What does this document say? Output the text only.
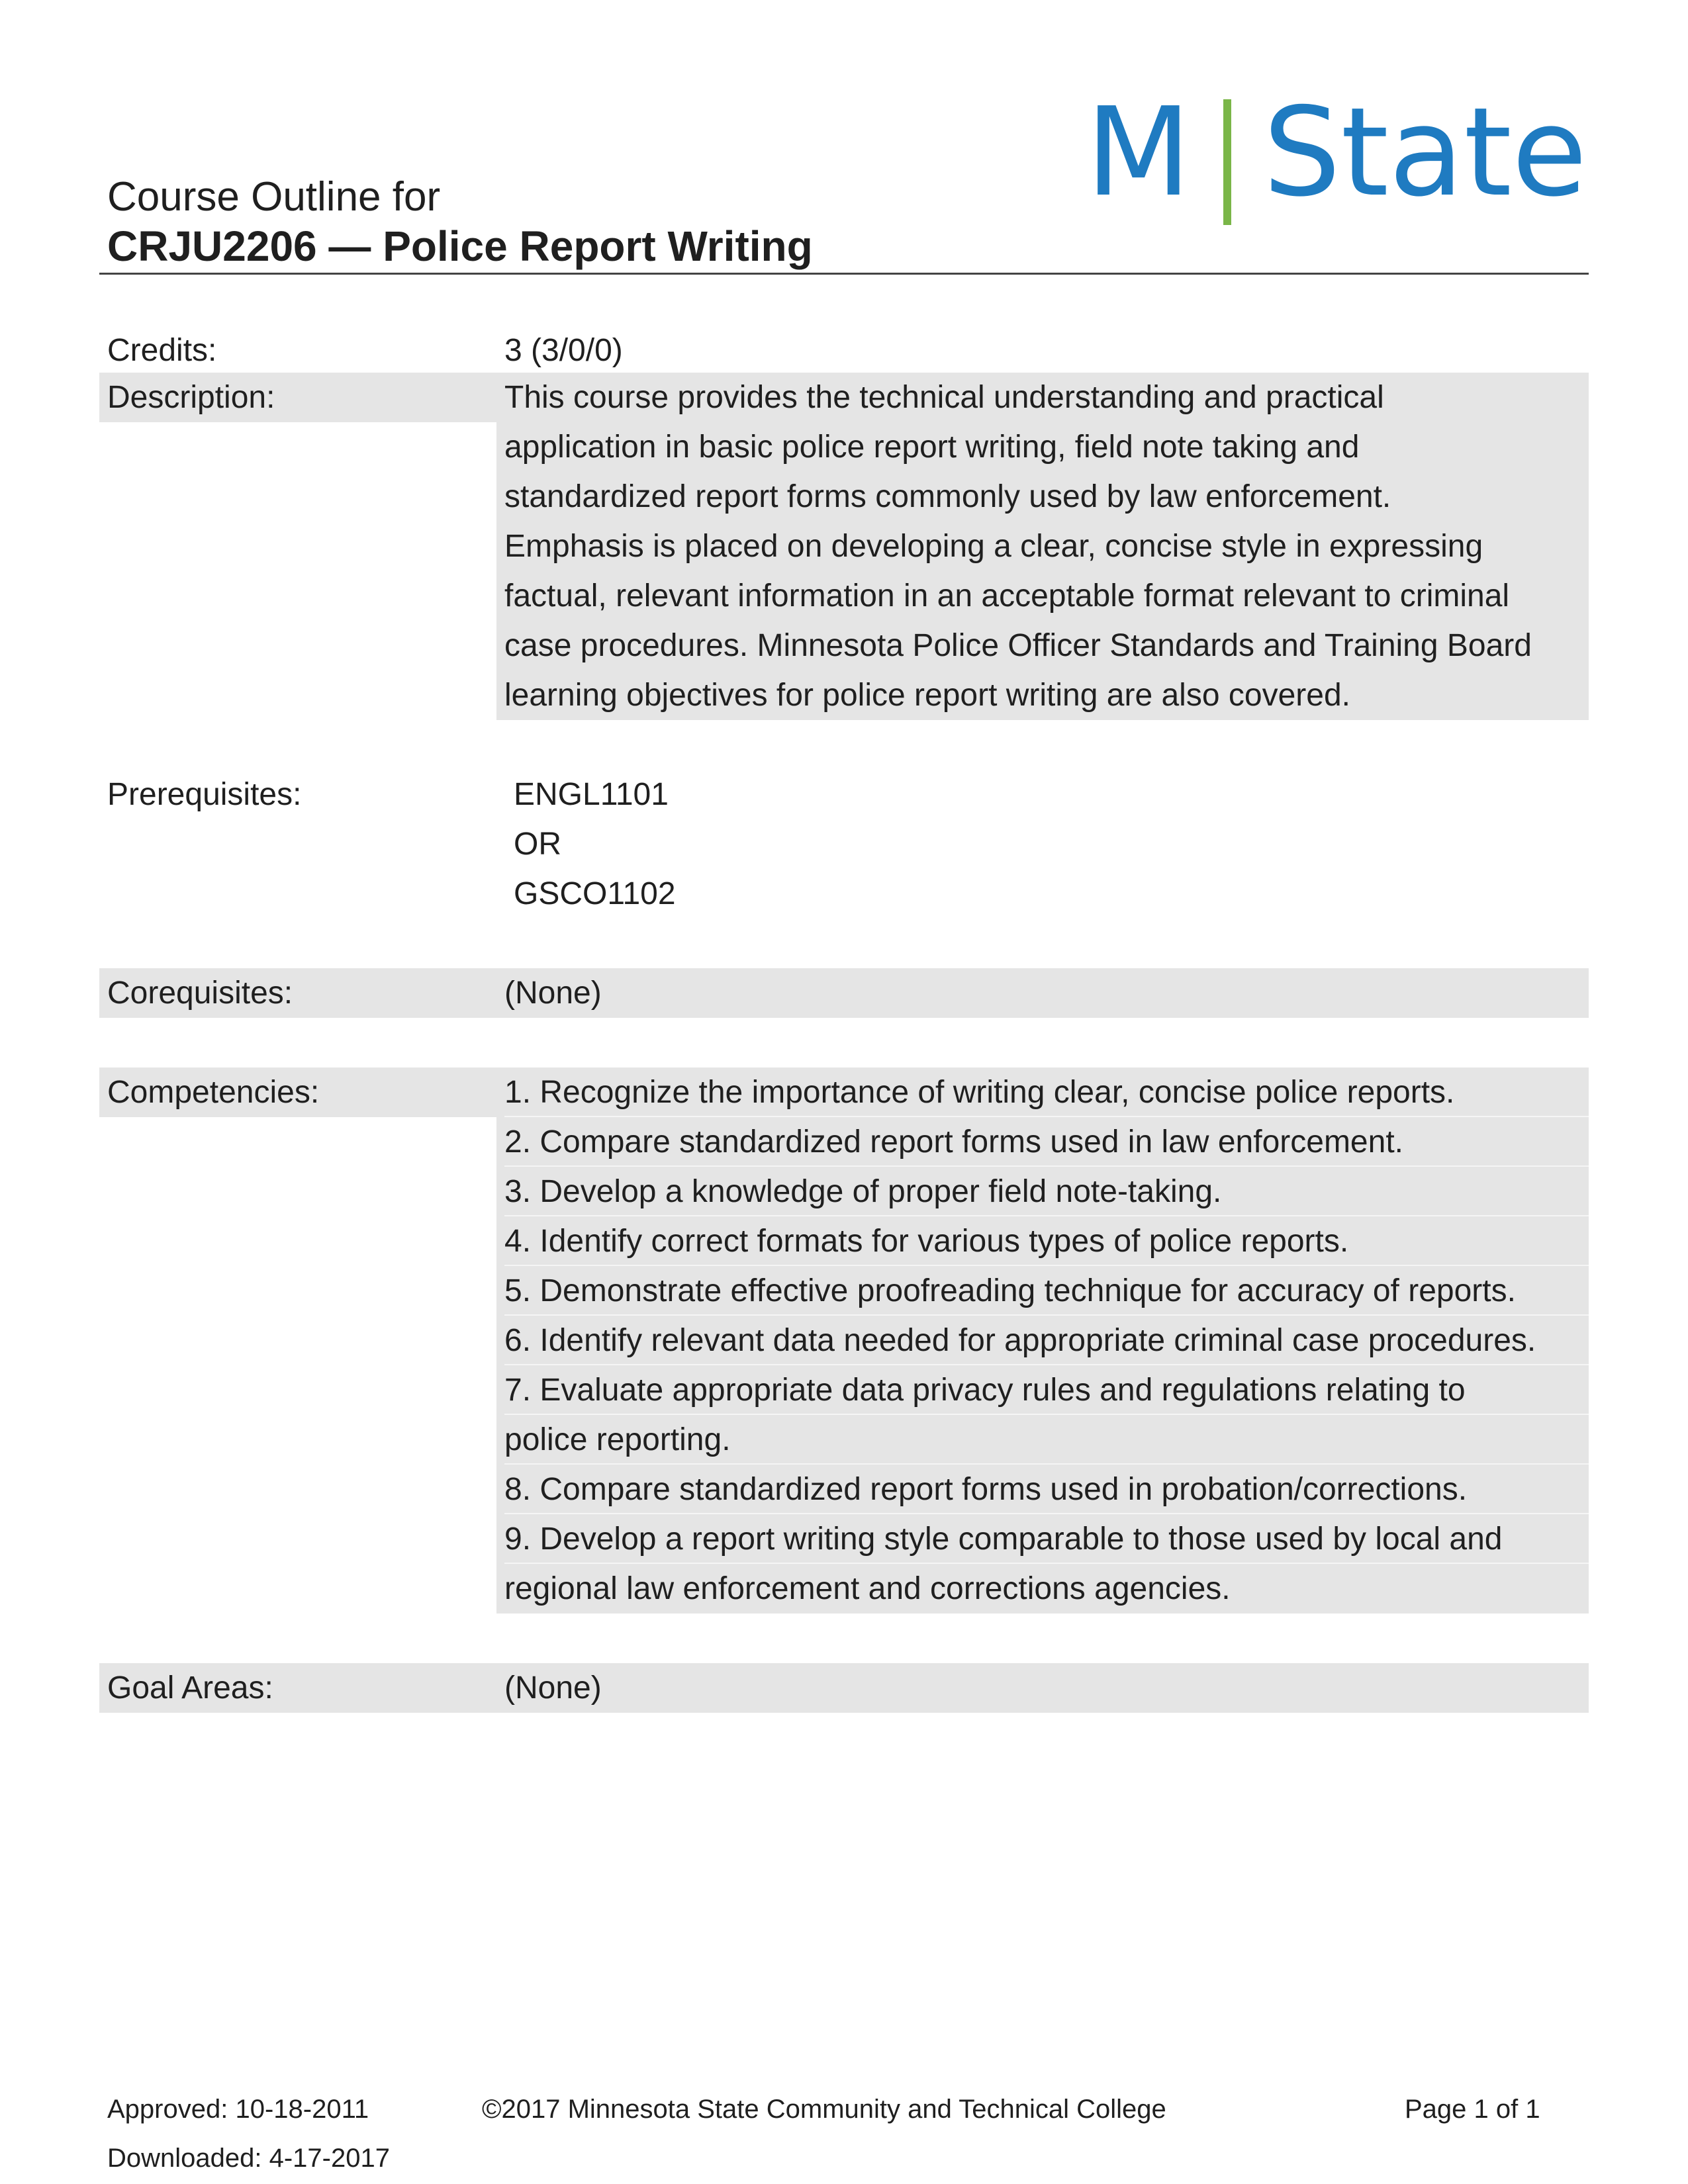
M State
Course Outline for
CRJU2206 — Police Report Writing
Credits:	3 (3/0/0)
Description:	This course provides the technical understanding and practical
application in basic police report writing, field note taking and
standardized report forms commonly used by law enforcement.
Emphasis is placed on developing a clear, concise style in expressing
factual, relevant information in an acceptable format relevant to criminal
case procedures. Minnesota Police Officer Standards and Training Board
learning objectives for police report writing are also covered.
Prerequisites:	ENGL1101
OR
GSCO1102
Corequisites:	(None)
Competencies:	1. Recognize the importance of writing clear, concise police reports.
2. Compare standardized report forms used in law enforcement.
3. Develop a knowledge of proper field note-taking.
4. Identify correct formats for various types of police reports.
5. Demonstrate effective proofreading technique for accuracy of reports.
6. Identify relevant data needed for appropriate criminal case procedures.
7. Evaluate appropriate data privacy rules and regulations relating to
police reporting.
8. Compare standardized report forms used in probation/corrections.
9. Develop a report writing style comparable to those used by local and
regional law enforcement and corrections agencies.
Goal Areas:	(None)
Approved: 10-18-2011	©2017 Minnesota State Community and Technical College	Page 1 of 1
Downloaded: 4-17-2017
